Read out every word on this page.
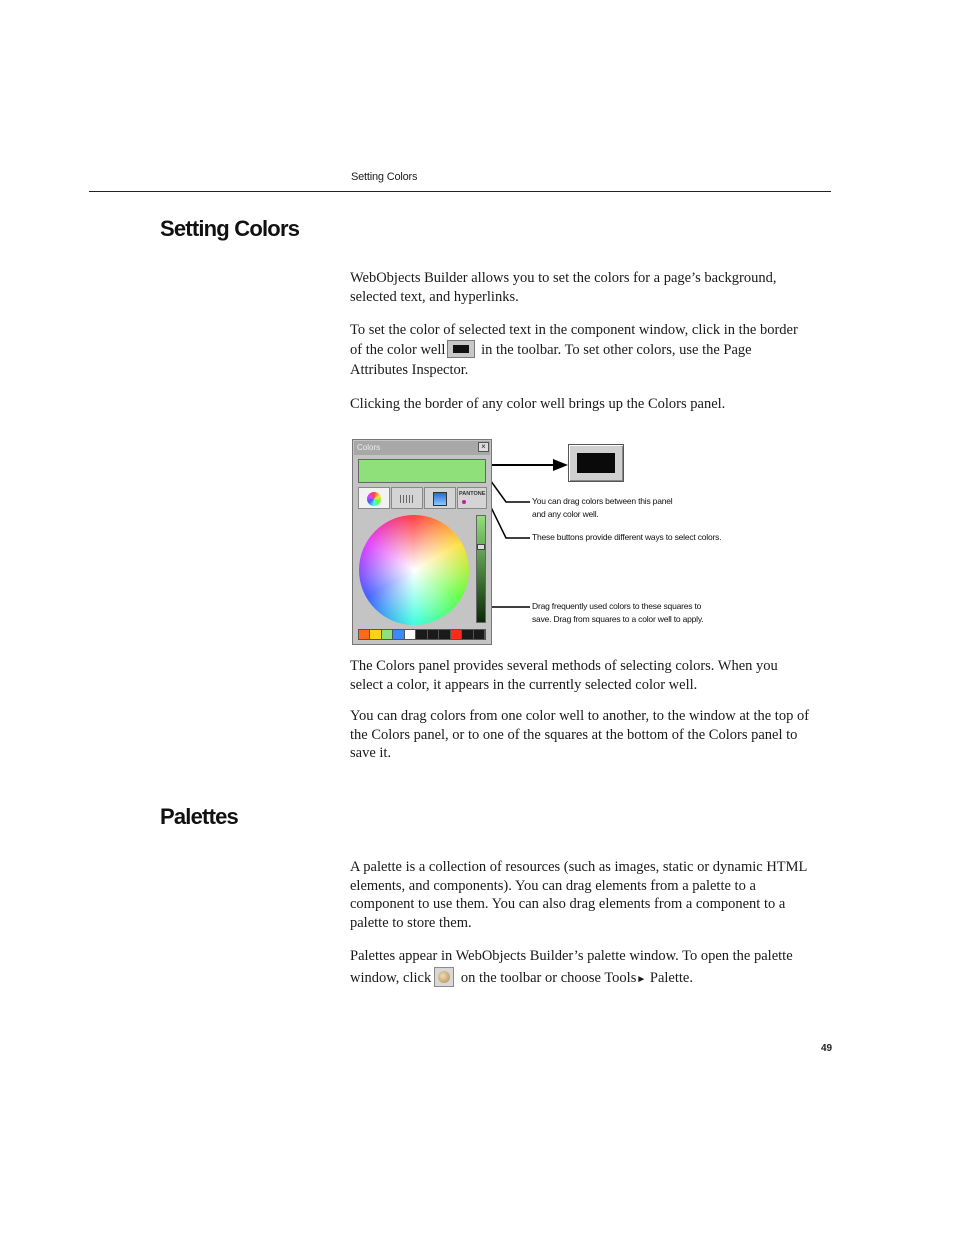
Setting Colors
Setting Colors

WebObjects Builder allows you to set the colors for a page’s background, selected text, and hyperlinks.

To set the color of selected text in the component window, click in the border of the color well in the toolbar. To set other colors, use the Page Attributes Inspector.

Clicking the border of any color well brings up the Colors panel.

Colors	×
PANTONE

You can drag colors between this panel
and any color well.

These buttons provide different ways to select colors.

Drag frequently used colors to these squares to
save. Drag from squares to a color well to apply.

The Colors panel provides several methods of selecting colors. When you select a color, it appears in the currently selected color well.

You can drag colors from one color well to another, to the window at the top of the Colors panel, or to one of the squares at the bottom of the Colors panel to save it.

Palettes

A palette is a collection of resources (such as images, static or dynamic HTML elements, and components). You can drag elements from a palette to a component to use them. You can also drag elements from a component to a palette to store them.

Palettes appear in WebObjects Builder’s palette window. To open the palette window, click on the toolbar or choose Tools► Palette.

49
